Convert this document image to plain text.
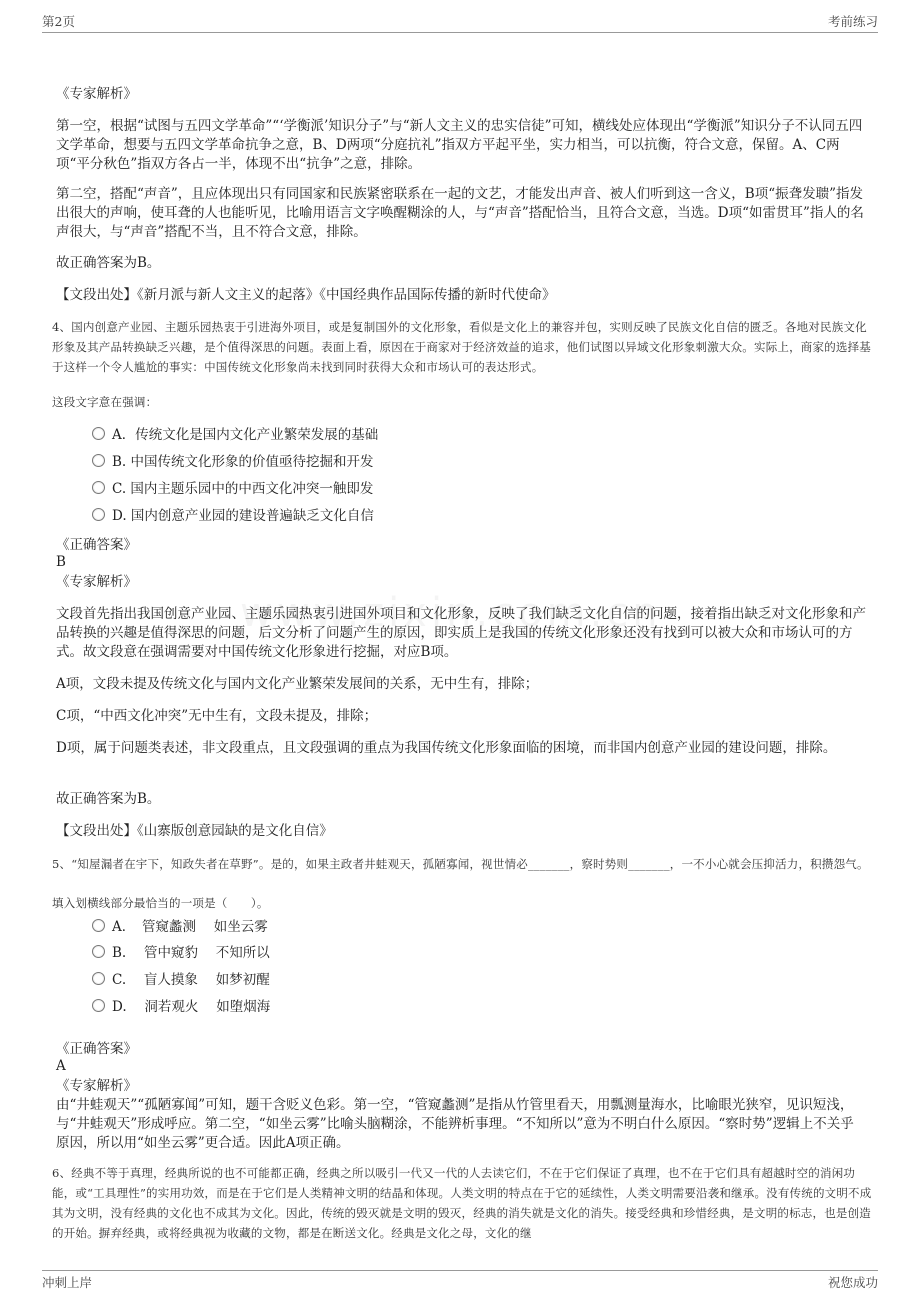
第2页	考前练习
《专家解析》
第一空，根据“试图与五四文学革命”“‘学衡派’知识分子”与“新人文主义的忠实信徒”可知，横线处应体现出“学衡派”知识分子不认同五四文学革命，想要与五四文学革命抗争之意，B、D两项“分庭抗礼”指双方平起平坐，实力相当，可以抗衡，符合文意，保留。A、C两项“平分秋色”指双方各占一半，体现不出“抗争”之意，排除。
第二空，搭配“声音”，且应体现出只有同国家和民族紧密联系在一起的文艺，才能发出声音、被人们听到这一含义，B项“振聋发聩”指发出很大的声响，使耳聋的人也能听见，比喻用语言文字唤醒糊涂的人，与“声音”搭配恰当，且符合文意，当选。D项“如雷贯耳”指人的名声很大，与“声音”搭配不当，且不符合文意，排除。
故正确答案为B。
【文段出处】《新月派与新人文主义的起落》《中国经典作品国际传播的新时代使命》
4、国内创意产业园、主题乐园热衷于引进海外项目，或是复制国外的文化形象，看似是文化上的兼容并包，实则反映了民族文化自信的匮乏。各地对民族文化形象及其产品转换缺乏兴趣，是个值得深思的问题。表面上看，原因在于商家对于经济效益的追求，他们试图以异域文化形象刺激大众。实际上，商家的选择基于这样一个令人尴尬的事实：中国传统文化形象尚未找到同时获得大众和市场认可的表达形式。
这段文字意在强调：
A．传统文化是国内文化产业繁荣发展的基础
B. 中国传统文化形象的价值亟待挖掘和开发
C. 国内主题乐园中的中西文化冲突一触即发
D. 国内创意产业园的建设普遍缺乏文化自信
《正确答案》
B
《专家解析》
文段首先指出我国创意产业园、主题乐园热衷引进国外项目和文化形象，反映了我们缺乏文化自信的问题，接着指出缺乏对文化形象和产品转换的兴趣是值得深思的问题，后文分析了问题产生的原因，即实质上是我国的传统文化形象还没有找到可以被大众和市场认可的方式。故文段意在强调需要对中国传统文化形象进行挖掘，对应B项。
A项，文段未提及传统文化与国内文化产业繁荣发展间的关系，无中生有，排除；
C项，“中西文化冲突”无中生有，文段未提及，排除；
D项，属于问题类表述，非文段重点，且文段强调的重点为我国传统文化形象面临的困境，而非国内创意产业园的建设问题，排除。
故正确答案为B。
【文段出处】《山寨版创意园缺的是文化自信》
5、“知屋漏者在宇下，知政失者在草野”。是的，如果主政者井蛙观天，孤陋寡闻，视世情必_______，察时势则_______，一不小心就会压抑活力，积攒怨气。
填入划横线部分最恰当的一项是（　　）。
A．　管窥蠡测　 如坐云雾
B. 　管中窥豹　 不知所以
C. 　盲人摸象　 如梦初醒
D. 　洞若观火　 如堕烟海
《正确答案》
A
《专家解析》
由“井蛙观天”“孤陋寡闻”可知，题干含贬义色彩。第一空，“管窥蠡测”是指从竹管里看天，用瓢测量海水，比喻眼光狭窄，见识短浅，与“井蛙观天”形成呼应。第二空，“如坐云雾”比喻头脑糊涂，不能辨析事理。“不知所以”意为不明白什么原因。“察时势”逻辑上不关乎原因，所以用“如坐云雾”更合适。因此A项正确。
6、经典不等于真理，经典所说的也不可能都正确，经典之所以吸引一代又一代的人去读它们，不在于它们保证了真理，也不在于它们具有超越时空的消闲功能，或“工具理性”的实用功效，而是在于它们是人类精神文明的结晶和体现。人类文明的特点在于它的延续性，人类文明需要沿袭和继承。没有传统的文明不成其为文明，没有经典的文化也不成其为文化。因此，传统的毁灭就是文明的毁灭，经典的消失就是文化的消失。接受经典和珍惜经典，是文明的标志，也是创造的开始。摒弃经典，或将经典视为收藏的文物，都是在断送文化。经典是文化之母，文化的继
冲刺上岸	祝您成功
